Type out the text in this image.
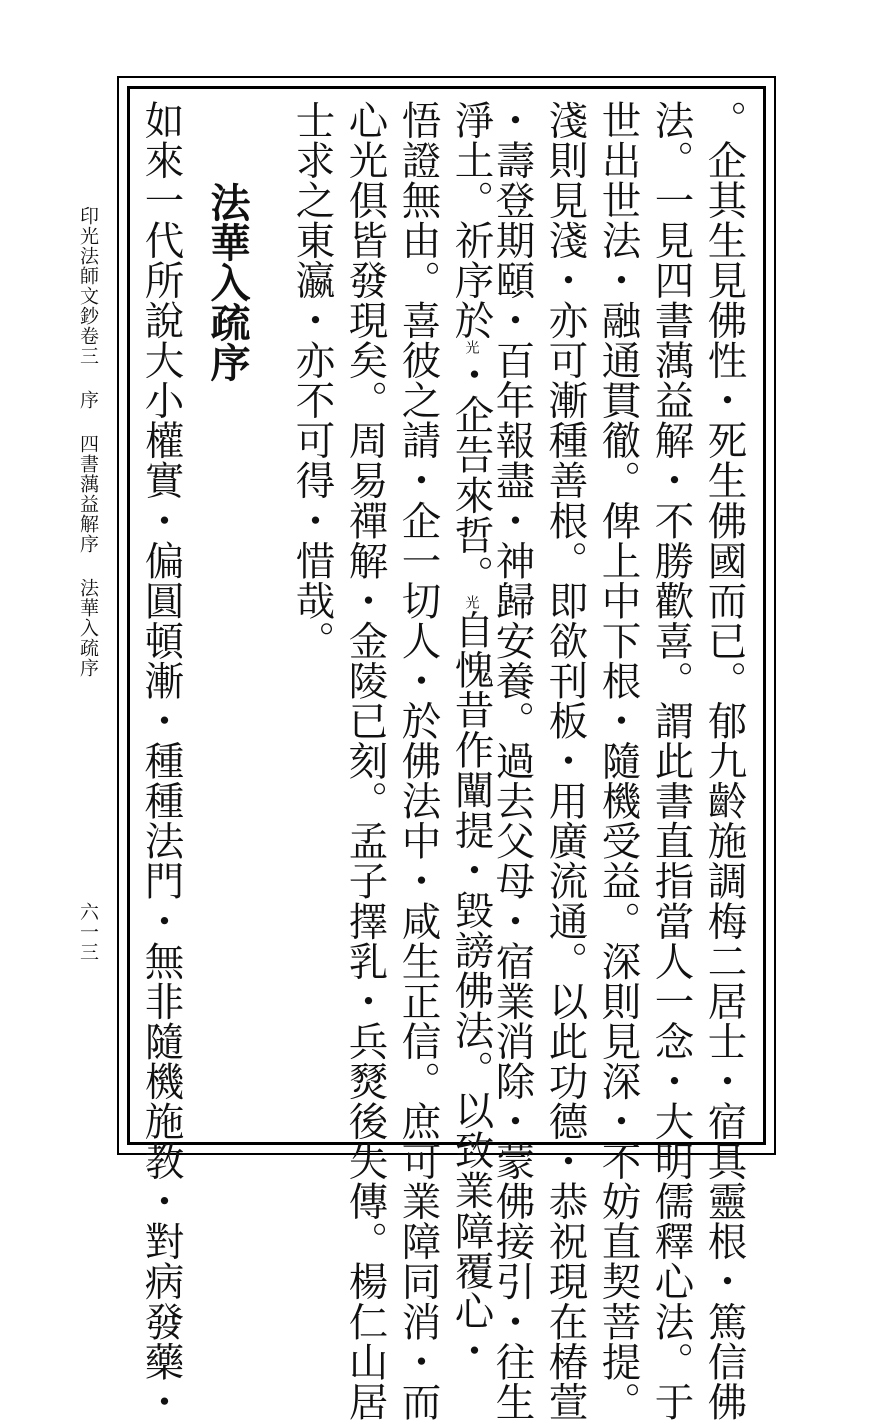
。企其生見佛性・死生佛國而已。郁九齡施調梅二居士・宿具靈根・篤信佛
法。一見四書蕅益解・不勝歡喜。謂此書直指當人一念・大明儒釋心法。于
世出世法・融通貫徹。俾上中下根・隨機受益。深則見深・不妨直契菩提。
淺則見淺・亦可漸種善根。即欲刊板・用廣流通。以此功德・恭祝現在椿萱
・壽登期頤・百年報盡・神歸安養。過去父母・宿業消除・蒙佛接引・往生
淨土。祈序於光・企告來哲。光自愧昔作闡提・毀謗佛法。以致業障覆心・
悟證無由。喜彼之請・企一切人・於佛法中・咸生正信。庶可業障同消・而
心光俱皆發現矣。周易禪解・金陵已刻。孟子擇乳・兵燹後失傳。楊仁山居
士求之東瀛・亦不可得・惜哉。
法華入疏序
如來一代所說大小權實・偏圓頓漸・種種法門・無非隨機施教・對病發藥・
印光法師文鈔卷三序四書蕅益解序法華入疏序
六一三
